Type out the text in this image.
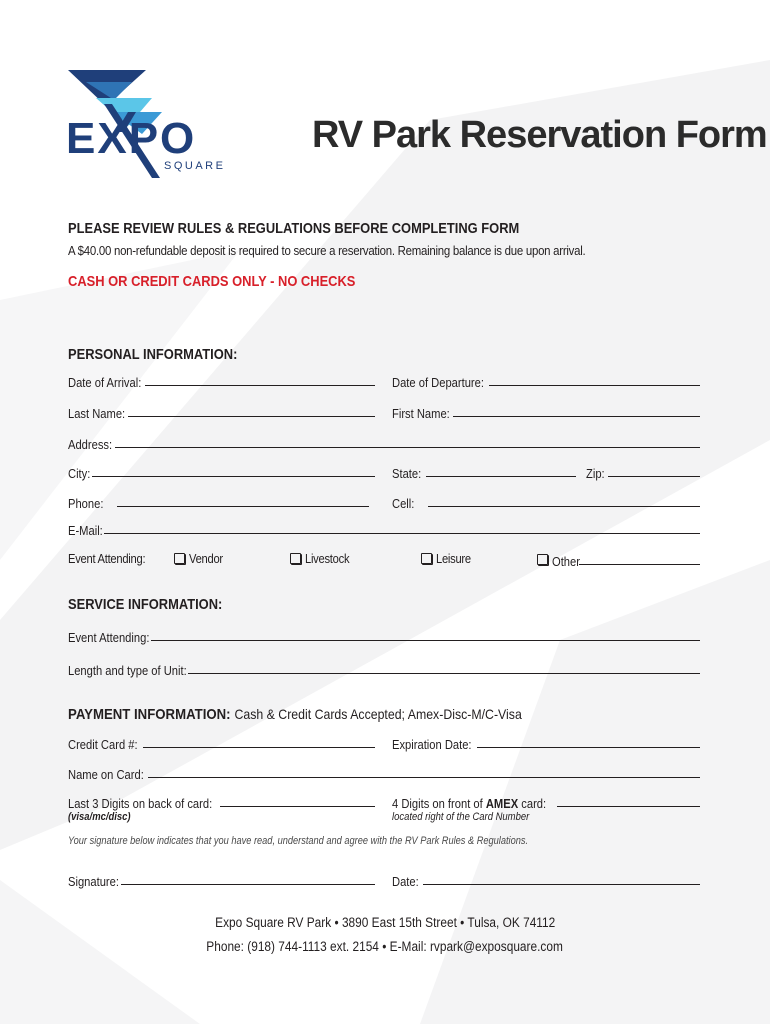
EXPO
SQUARE
RV Park Reservation Form
PLEASE REVIEW RULES & REGULATIONS BEFORE COMPLETING FORM
A $40.00 non-refundable deposit is required to secure a reservation. Remaining balance is due upon arrival.
CASH OR CREDIT CARDS ONLY - NO CHECKS
PERSONAL INFORMATION:
Date of Arrival:	Date of Departure:
Last Name:	First Name:
Address:
City:	State:	Zip:
Phone:	Cell:
E-Mail:
Event Attending:	Vendor	Livestock	Leisure	Other
SERVICE INFORMATION:
Event Attending:
Length and type of Unit:
PAYMENT INFORMATION: Cash & Credit Cards Accepted; Amex-Disc-M/C-Visa
Credit Card #:	Expiration Date:
Name on Card:
Last 3 Digits on back of card:	4 Digits on front of AMEX card:
(visa/mc/disc)	located right of the Card Number
Your signature below indicates that you have read, understand and agree with the RV Park Rules & Regulations.
Signature:	Date:
Expo Square RV Park • 3890 East 15th Street • Tulsa, OK 74112
Phone: (918) 744-1113 ext. 2154 • E-Mail: rvpark@exposquare.com
